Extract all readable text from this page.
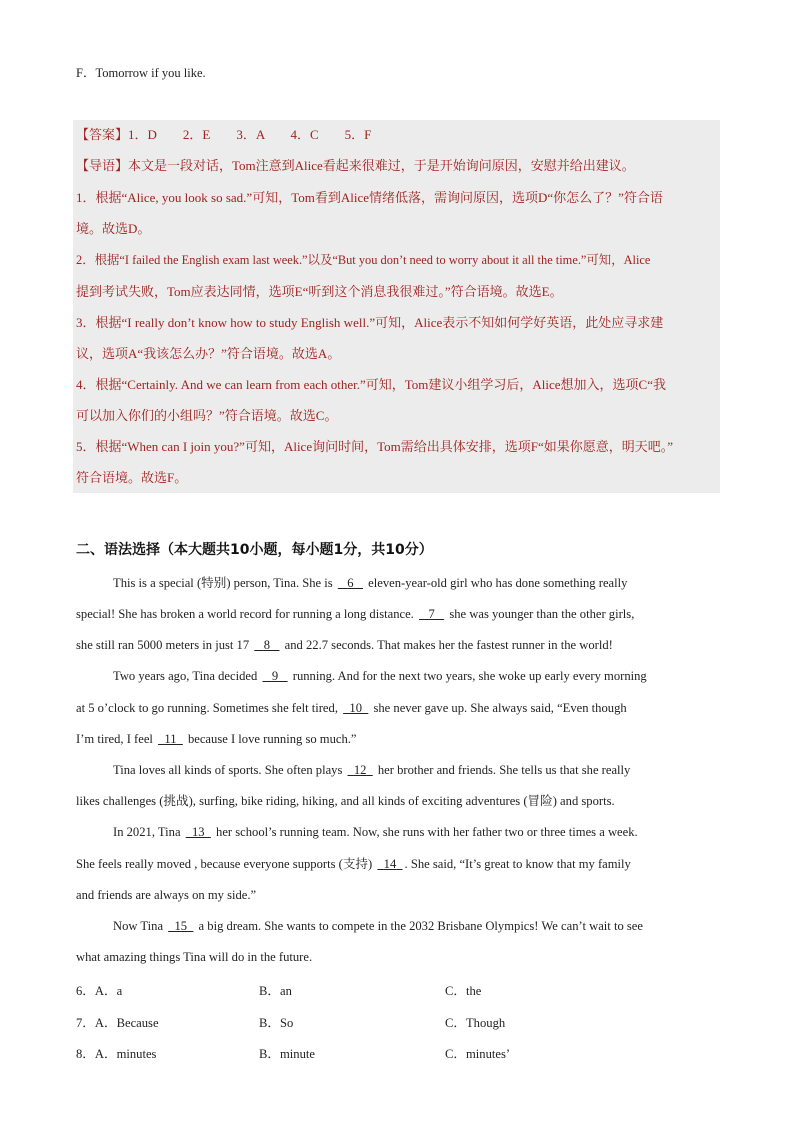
F．Tomorrow if you like.
【答案】1．D　　2．E　　3．A　　4．C　　5．F
【导语】本文是一段对话，Tom注意到Alice看起来很难过，于是开始询问原因，安慰并给出建议。
1．根据“Alice, you look so sad.”可知，Tom看到Alice情绪低落，需询问原因，选项D“你怎么了？”符合语
境。故选D。
2．根据“I failed the English exam last week.”以及“But you don’t need to worry about it all the time.”可知，Alice
提到考试失败，Tom应表达同情，选项E“听到这个消息我很难过。”符合语境。故选E。
3．根据“I really don’t know how to study English well.”可知，Alice表示不知如何学好英语，此处应寻求建
议，选项A“我该怎么办？”符合语境。故选A。
4．根据“Certainly. And we can learn from each other.”可知，Tom建议小组学习后，Alice想加入，选项C“我
可以加入你们的小组吗？”符合语境。故选C。
5．根据“When can I join you?”可知，Alice询问时间，Tom需给出具体安排，选项F“如果你愿意，明天吧。”
符合语境。故选F。
二、语法选择（本大题共10小题，每小题1分，共10分）
This is a special (特别) person, Tina. She is    6    eleven-year-old girl who has done something really
special! She has broken a world record for running a long distance.    7    she was younger than the other girls,
she still ran 5000 meters in just 17    8    and 22.7 seconds. That makes her the fastest runner in the world!
Two years ago, Tina decided    9    running. And for the next two years, she woke up early every morning
at 5 o’clock to go running. Sometimes she felt tired,   10   she never gave up. She always said, “Even though
I’m tired, I feel   11   because I love running so much.”
Tina loves all kinds of sports. She often plays   12   her brother and friends. She tells us that she really
likes challenges (挑战), surfing, bike riding, hiking, and all kinds of exciting adventures (冒险) and sports.
In 2021, Tina   13   her school’s running team. Now, she runs with her father two or three times a week.
She feels really moved , because everyone supports (支持)   14 . She said, “It’s great to know that my family
and friends are always on my side.”
Now Tina   15   a big dream. She wants to compete in the 2032 Brisbane Olympics! We can’t wait to see
what amazing things Tina will do in the future.
6．A．a	B．an	C．the
7．A．Because	B．So	C．Though
8．A．minutes	B．minute	C．minutes’
